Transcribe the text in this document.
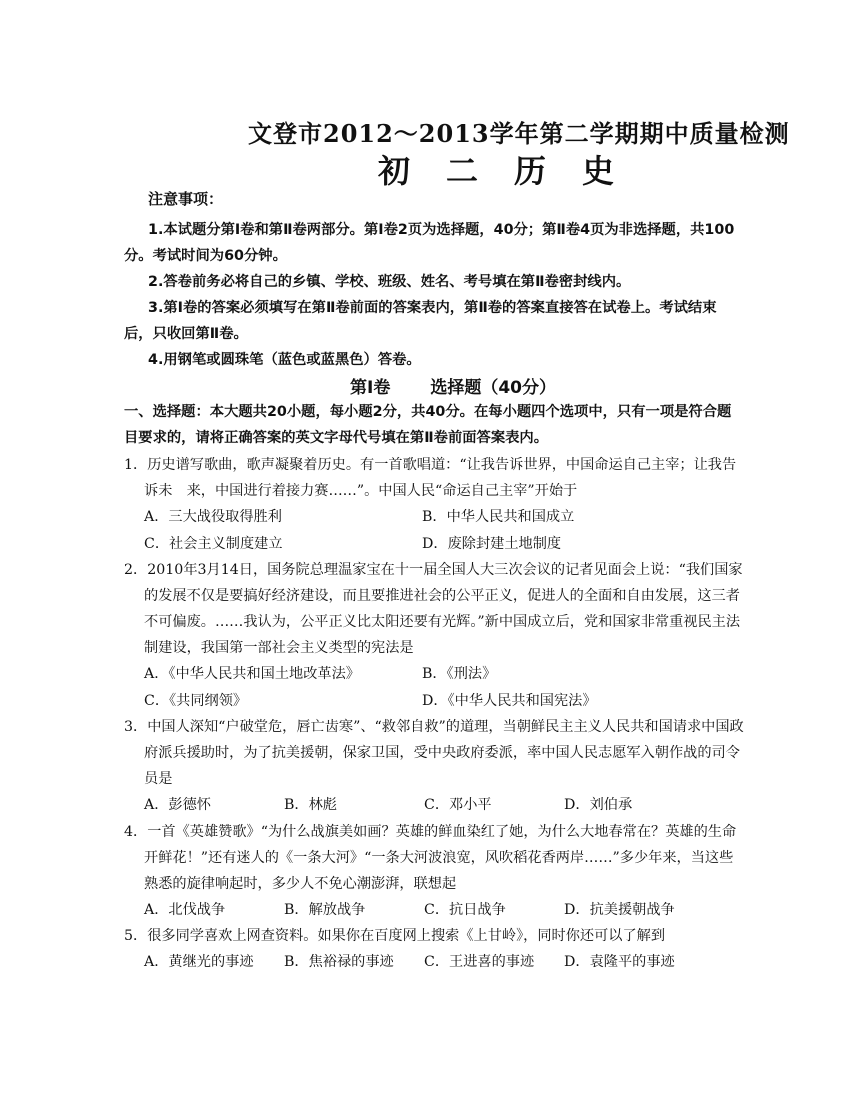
文登市2012～2013学年第二学期期中质量检测
初二历史

注意事项：

1.本试题分第Ⅰ卷和第Ⅱ卷两部分。第Ⅰ卷2页为选择题，40分；第Ⅱ卷4页为非选择题，共100分。考试时间为60分钟。

2.答卷前务必将自己的乡镇、学校、班级、姓名、考号填在第Ⅱ卷密封线内。

3.第Ⅰ卷的答案必须填写在第Ⅱ卷前面的答案表内，第Ⅱ卷的答案直接答在试卷上。考试结束后，只收回第Ⅱ卷。

4.用钢笔或圆珠笔（蓝色或蓝黑色）答卷。

第Ⅰ卷 选择题（40分）

一、选择题：本大题共20小题，每小题2分，共40分。在每小题四个选项中，只有一项是符合题目要求的，请将正确答案的英文字母代号填在第Ⅱ卷前面答案表内。

1．历史谱写歌曲，歌声凝聚着历史。有一首歌唱道：“让我告诉世界，中国命运自己主宰；让我告诉未　来，中国进行着接力赛……”。中国人民“命运自己主宰”开始于

A．三大战役取得胜利	B．中华人民共和国成立
C．社会主义制度建立	D．废除封建土地制度

2．2010年3月14日，国务院总理温家宝在十一届全国人大三次会议的记者见面会上说：“我们国家的发展不仅是要搞好经济建设，而且要推进社会的公平正义，促进人的全面和自由发展，这三者不可偏废。……我认为，公平正义比太阳还要有光辉。”新中国成立后，党和国家非常重视民主法制建设，我国第一部社会主义类型的宪法是

A．《中华人民共和国土地改革法》	B．《刑法》
C．《共同纲领》	D．《中华人民共和国宪法》

3．中国人深知“户破堂危，唇亡齿寒”、“救邻自救”的道理，当朝鲜民主主义人民共和国请求中国政府派兵援助时，为了抗美援朝，保家卫国，受中央政府委派，率中国人民志愿军入朝作战的司令员是

A．彭德怀	B．林彪	C．邓小平	D．刘伯承

4．一首《英雄赞歌》“为什么战旗美如画？英雄的鲜血染红了她，为什么大地春常在？英雄的生命开鲜花！”还有迷人的《一条大河》“一条大河波浪宽，风吹稻花香两岸……”多少年来，当这些熟悉的旋律响起时，多少人不免心潮澎湃，联想起

A．北伐战争	B．解放战争	C．抗日战争	D．抗美援朝战争

5．很多同学喜欢上网查资料。如果你在百度网上搜索《上甘岭》，同时你还可以了解到

A．黄继光的事迹	B．焦裕禄的事迹	C．王进喜的事迹	D．袁隆平的事迹
